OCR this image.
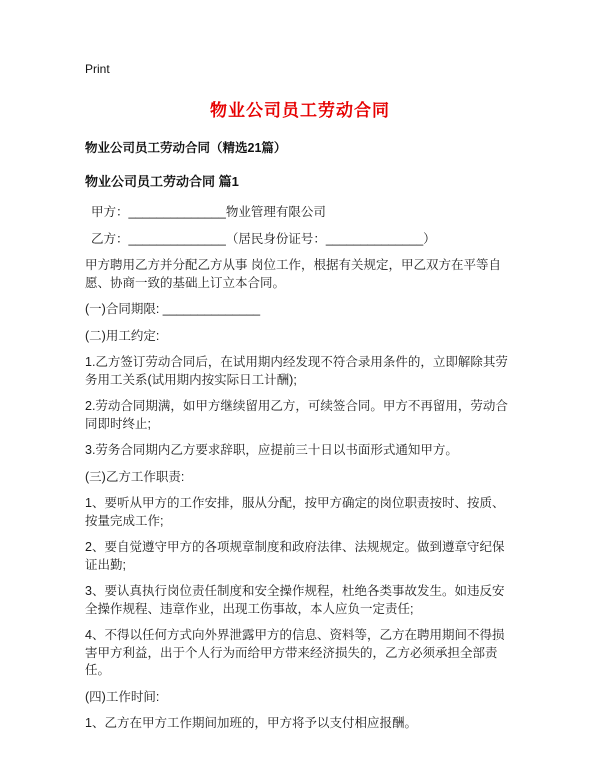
Print
物业公司员工劳动合同
物业公司员工劳动合同（精选21篇）
物业公司员工劳动合同 篇1

甲方：______________物业管理有限公司

乙方：______________（居民身份证号：______________）

甲方聘用乙方并分配乙方从事 岗位工作，根据有关规定，甲乙双方在平等自愿、协商一致的基础上订立本合同。

(一)合同期限: ______________

(二)用工约定:

1.乙方签订劳动合同后，在试用期内经发现不符合录用条件的，立即解除其劳务用工关系(试用期内按实际日工计酬);

2.劳动合同期满，如甲方继续留用乙方，可续签合同。甲方不再留用，劳动合同即时终止;

3.劳务合同期内乙方要求辞职，应提前三十日以书面形式通知甲方。

(三)乙方工作职责:

1、要听从甲方的工作安排，服从分配，按甲方确定的岗位职责按时、按质、按量完成工作;

2、要自觉遵守甲方的各项规章制度和政府法律、法规规定。做到遵章守纪保证出勤;

3、要认真执行岗位责任制度和安全操作规程，杜绝各类事故发生。如违反安全操作规程、违章作业，出现工伤事故，本人应负一定责任;

4、不得以任何方式向外界泄露甲方的信息、资料等，乙方在聘用期间不得损害甲方利益，出于个人行为而给甲方带来经济损失的，乙方必须承担全部责任。

(四)工作时间:

1、乙方在甲方工作期间加班的，甲方将予以支付相应报酬。
